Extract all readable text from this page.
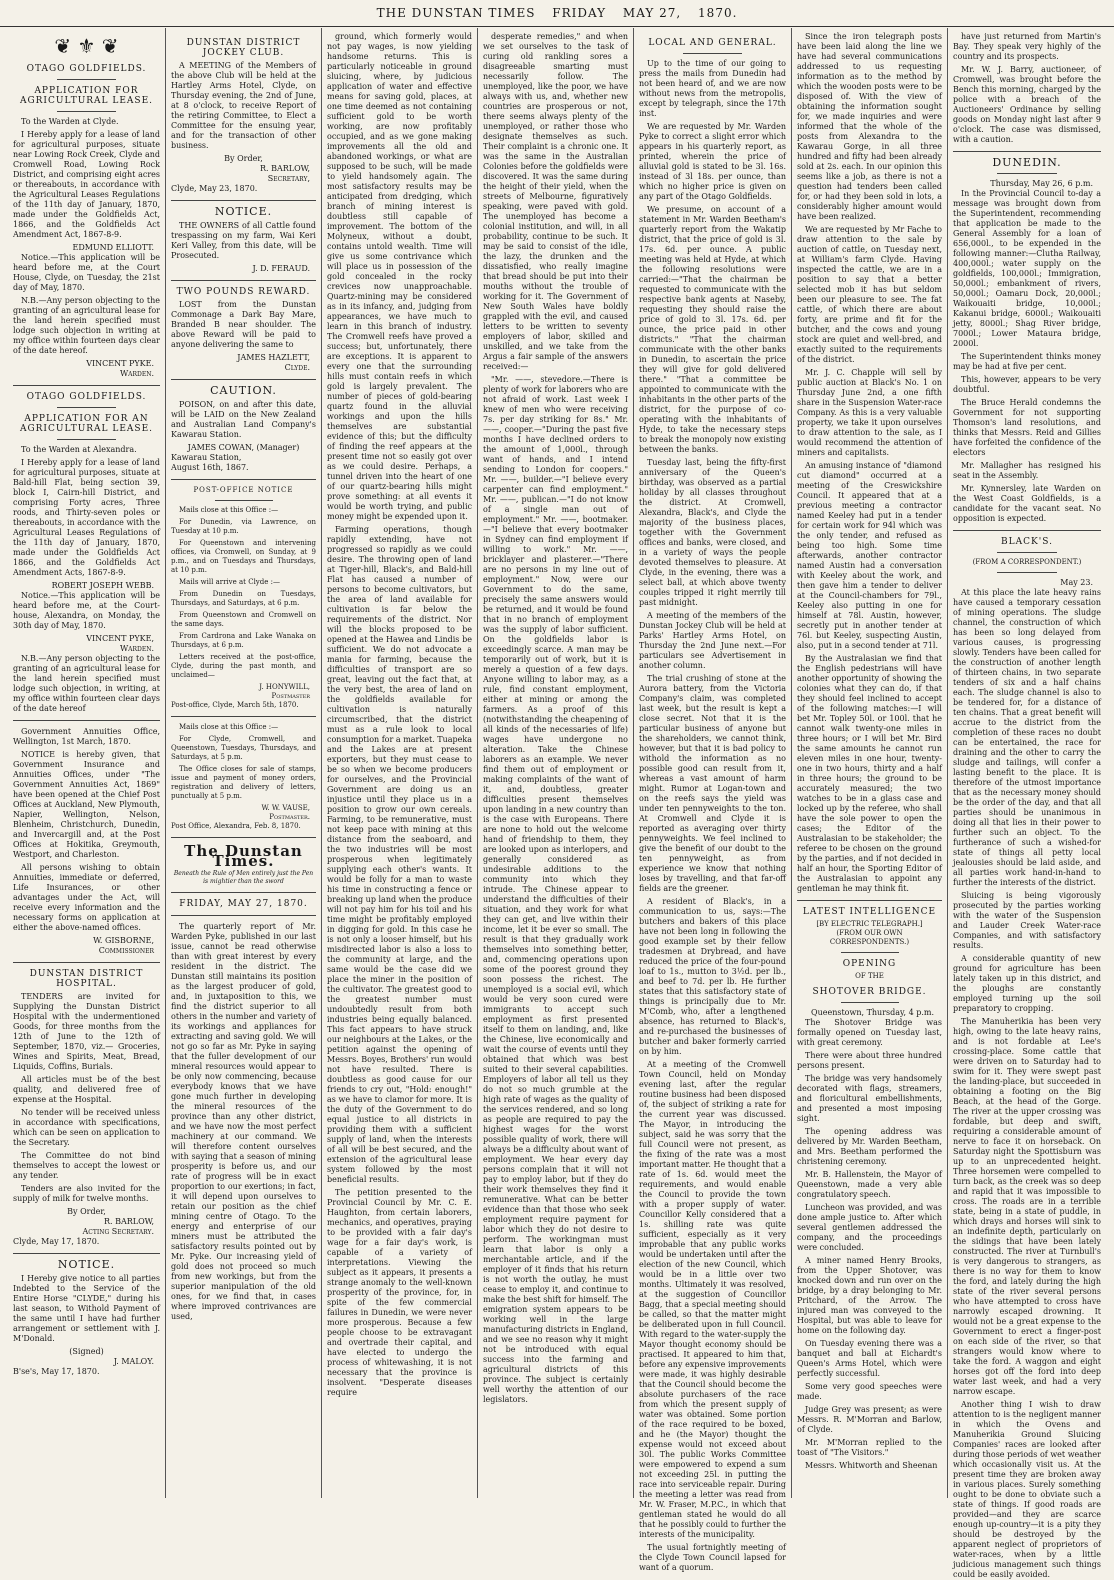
THE DUNSTAN TIMES FRIDAY MAY 27, 1870.
❦ ⚜ ❦
OTAGO GOLDFIELDS.
APPLICATION FOR AGRICULTURAL LEASE.

To the Warden at Clyde.

I Hereby apply for a lease of land for agricultural purposes, situate near Lowing Rock Creek, Clyde and Cromwell Road, Lowing Rock District, and comprising eight acres or thereabouts, in accordance with the Agricultural Leases Regulations of the 11th day of January, 1870, made under the Goldfields Act, 1866, and the Goldfields Act Amendment Act, 1867-8-9.

EDMUND ELLIOTT.

Notice.—This application will be heard before me, at the Court House, Clyde, on Tuesday, the 21st day of May, 1870.

N.B.—Any person objecting to the granting of an agricultural lease for the land herein specified must lodge such objection in writing at my office within fourteen days clear of the date hereof.

VINCENT PYKE.
Warden.
OTAGO GOLDFIELDS.
APPLICATION FOR AN AGRICULTURAL LEASE.

To the Warden at Alexandra.

I Hereby apply for a lease of land for agricultural purposes, situate at Bald-hill Flat, being section 39, block I, Cairn-hill District, and comprising Forty acres, Three roods, and Thirty-seven poles or thereabouts, in accordance with the Agricultural Leases Regulations of the 11th day of January, 1870, made under the Goldfields Act 1866, and the Goldfields Act Amendment Acts, 1867-8-9.

ROBERT JOSEPH WEBB.

Notice.—This application will be heard before me, at the Court-house, Alexandra, on Monday, the 30th day of May, 1870.

VINCENT PYKE,
Warden.

N.B.—Any person objecting to the granting of an agricultural lease for the land herein specified must lodge such objection, in writing, at my office within fourteen clear days of the date hereof

Government Annuities Office, Wellington, 1st March, 1870.

NOTICE is hereby given, that Government Insurance and Annuities Offices, under "The Government Annuities Act, 1869" have been opened at the Chief Post Offices at Auckland, New Plymouth, Napier, Wellington, Nelson, Blenheim, Christchurch, Dunedin, and Invercargill and, at the Post Offices at Hokitika, Greymouth, Westport, and Charleston.

All persons wishing to obtain Annuities, immediate or deferred, Life Insurances, or other advantages under the Act, will receive every information and the necessary forms on application at either the above-named offices.

W. GISBORNE,
Commissioner
DUNSTAN DISTRICT HOSPITAL.

TENDERS are invited for Supplying the Dunstan District Hospital with the undermentioned Goods, for three months from the 12th of June to the 12th of September, 1870, viz.— Groceries, Wines and Spirits, Meat, Bread, Liquids, Coffins, Burials.

All articles must be of the best quality, and delivered free of expense at the Hospital.

No tender will be received unless in accordance with specifications, which can be seen on application to the Secretary.

The Committee do not bind themselves to accept the lowest or any tender.

Tenders are also invited for the supply of milk for twelve months.

By Order,
R. BARLOW,
Acting Secretary.
Clyde, May 17, 1870.
NOTICE.

I Hereby give notice to all parties Indebted to the Service of the Entire Horse "CLYDE," during his last season, to Withold Payment of the same until I have had further arrangement or settlement with J. M'Donald.

(Signed)
J. MALOY.
B'se's, May 17, 1870.
DUNSTAN DISTRICT JOCKEY CLUB.

A MEETING of the Members of the above Club will be held at the Hartley Arms Hotel, Clyde, on Thursday evening, the 2nd of June, at 8 o'clock, to receive Report of the retiring Committee, to Elect a Committee for the ensuing year, and for the transaction of other business.

By Order,
R. BARLOW,
Secretary,
Clyde, May 23, 1870.
NOTICE.

THE OWNERS of all Cattle found trespassing on my farm, Wai Keri Keri Valley, from this date, will be Prosecuted.

J. D. FERAUD.
TWO POUNDS REWARD.

LOST from the Dunstan Commonage a Dark Bay Mare, Branded B near shoulder. The above Reward will be paid to anyone delivering the same to

JAMES HAZLETT,
Clyde.
CAUTION.

POISON, on and after this date, will be LAID on the New Zealand and Australian Land Company's Kawarau Station.

JAMES COWAN, (Manager)
Kawarau Station,
August 16th, 1867.
POST-OFFICE NOTICE

Mails close at this Office :—

For Dunedin, via Lawrence, on Tuesday at 10 p.m.

For Queenstown and intervening offices, via Cromwell, on Sunday, at 9 p.m., and on Tuesdays and Thursdays, at 10 p.m.

Mails will arrive at Clyde :—

From Dunedin on Tuesdays, Thursdays, and Saturdays, at 6 p.m.

From Queenstown and Cromwell on the same days.

From Cardrona and Lake Wanaka on Thursdays, at 6 p.m.

Letters received at the post-office, Clyde, during the past month, and unclaimed—

J. HONYWILL,
Postmaster
Post-office, Clyde, March 5th, 1870.

Mails close at this Office :—

For Clyde, Cromwell, and Queenstown, Tuesdays, Thursdays, and Saturdays, at 5 p.m.

The Office closes for sale of stamps, issue and payment of money orders, registration and delivery of letters, punctually at 5 p.m.

W. W. VAUSE,
Postmaster.
Post Office, Alexandra, Feb. 8, 1870.
The Dunstan Times.
Beneath the Rule of Men entirely just the Pen is mightier than the sword
FRIDAY, MAY 27, 1870.

The quarterly report of Mr. Warden Pyke, published in our last issue, cannot be read otherwise than with great interest by every resident in the district. The Dunstan still maintains its position as the largest producer of gold, and, in juxtaposition to this, we find the district superior to all others in the number and variety of its workings and appliances for extracting and saving gold. We will not go so far as Mr. Pyke in saying that the fuller development of our mineral resources would appear to be only now commencing, because everybody knows that we have gone much further in developing the mineral resources of the province than any other district, and we have now the most perfect machinery at our command. We will therefore content ourselves with saying that a season of mining prosperity is before us, and our rate of progress will be in exact proportion to our exertions; in fact, it will depend upon ourselves to retain our position as the chief mining centre of Otago. To the energy and enterprise of our miners must be attributed the satisfactory results pointed out by Mr. Pyke. Our increasing yield of gold does not proceed so much from new workings, but from the superior manipulation of the old ones, for we find that, in cases where improved contrivances are used,

ground, which formerly would not pay wages, is now yielding handsome returns. This is particularly noticeable in ground sluicing, where, by judicious application of water and effective means for saving gold, places, at one time deemed as not containing sufficient gold to be worth working, are now profitably occupied, and as we gone making improvements all the old and abandoned workings, or what are supposed to be such, will be made to yield handsomely again. The most satisfactory results may be anticipated from dredging, which branch of mining interest is doubtless still capable of improvement. The bottom of the Molyneux, without a doubt, contains untold wealth. Time will give us some contrivance which will place us in possession of the gold concealed in the rocky crevices now unapproachable. Quartz-mining may be considered as in its infancy, and, judging from appearances, we have much to learn in this branch of industry. The Cromwell reefs have proved a success; but, unfortunately, there are exceptions. It is apparent to every one that the surrounding hills must contain reefs in which gold is largely prevalent. The number of pieces of gold-bearing quartz found in the alluvial workings and upon the hills themselves are substantial evidence of this; but the difficulty of finding the reef appears at the present time not so easily got over as we could desire. Perhaps, a tunnel driven into the heart of one of our quartz-bearing hills might prove something: at all events it would be worth trying, and public money might be expended upon it.

Farming operations, though rapidly extending, have not progressed so rapidly as we could desire. The throwing open of land at Tiger-hill, Black's, and Bald-hill Flat has caused a number of persons to become cultivators, but the area of land available for cultivation is far below the requirements of the district. Nor will the blocks proposed to be opened at the Hawea and Lindis be sufficient. We do not advocate a mania for farming, because the difficulties of transport are so great, leaving out the fact that, at the very best, the area of land on the goldfields available for cultivation is naturally circumscribed, that the district must as a rule look to local consumption for a market. Tuapeka and the Lakes are at present exporters, but they must cease to be so when we become producers for ourselves, and the Provincial Government are doing us an injustice until they place us in a position to grow our own cereals. Farming, to be remunerative, must not keep pace with mining at this distance from the seaboard, and the two industries will be most prosperous when legitimately supplying each other's wants. It would be folly for a man to waste his time in constructing a fence or breaking up land when the produce will not pay him for his toil and his time might be profitably employed in digging for gold. In this case he is not only a looser himself, but his misdirected labor is also a loss to the community at large, and the same would be the case did we place the miner in the position of the cultivator. The greatest good to the greatest number must undoubtedly result from both industries being equally balanced. This fact appears to have struck our neighbours at the Lakes, or the petition against the opening of Messrs. Boyes, Brothers' run would not have resulted. There is doubtless as good cause for our friends to cry out, "Hold: enough!" as we have to clamor for more. It is the duty of the Government to do equal justice to all districts in providing them with a sufficient supply of land, when the interests of all will be best secured, and the extension of the agricultural lease system followed by the most beneficial results.

The petition presented to the Provincial Council by Mr. C. E. Haughton, from certain laborers, mechanics, and operatives, praying to be provided with a fair day's wage for a fair day's work, is capable of a variety of interpretations. Viewing the subject as it appears, it presents a strange anomaly to the well-known prosperity of the province, for, in spite of the few commercial failures in Dunedin, we were never more prosperous. Because a few people choose to be extravagant and overtrade their capital, and have elected to undergo the process of whitewashing, it is not necessary that the province is insolvent. "Desperate diseases require

desperate remedies," and when we set ourselves to the task of curing old rankling sores a disagreeable smarting must necessarily follow. The unemployed, like the poor, we have always with us, and, whether new countries are prosperous or not, there seems always plenty of the unemployed, or rather those who designate themselves as such. Their complaint is a chronic one. It was the same in the Australian Colonies before the goldfields were discovered. It was the same during the height of their yield, when the streets of Melbourne, figuratively speaking, were paved with gold. The unemployed has become a colonial institution, and will, in all probability, continue to be such. It may be said to consist of the idle, the lazy, the drunken and the dissatisfied, who really imagine that bread should be put into their mouths without the trouble of working for it. The Government of New South Wales have boldly grappled with the evil, and caused letters to be written to seventy employers of labor, skilled and unskilled, and we take from the Argus a fair sample of the answers received:—

"Mr. ——, stevedore.—There is plenty of work for laborers who are not afraid of work. Last week I knew of men who were receiving 7s. per day striking for 8s." Mr. ——, cooper.—"During the past five months I have declined orders to the amount of 1,000l., through want of hands, and I intend sending to London for coopers." Mr. ——, builder.—"I believe every carpenter can find employment." Mr. ——, publican.—"I do not know of a single man out of employment." Mr. ——, bootmaker.—"I believe that every bootmaker in Sydney can find employment if willing to work." Mr. ——, bricklayer and plasterer.—"There are no persons in my line out of employment." Now, were our Government to do the same, precisely the same answers would be returned, and it would be found that in no branch of employment was the supply of labor sufficient. On the goldfields labor is exceedingly scarce. A man may be temporarily out of work, but it is merely a question of a few days. Anyone willing to labor may, as a rule, find constant employment, either at mining or among the farmers. As a proof of this (notwithstanding the cheapening of all kinds of the necessaries of life) wages have undergone no alteration. Take the Chinese laborers as an example. We never find them out of employment or making complaints of the want of it, and, doubtless, greater difficulties present themselves upon landing in a new country than is the case with Europeans. There are none to hold out the welcome hand of friendship to them, they are looked upon as interlopers, and generally considered as undesirable additions to the community into which they intrude. The Chinese appear to understand the difficulties of their situation, and they work for what they can get, and live within their income, let it be ever so small. The result is that they gradually work themselves into something better, and, commencing operations upon some of the poorest ground they soon possess the richest. The unemployed is a social evil, which would be very soon cured were immigrants to accept such employment as first presented itself to them on landing, and, like the Chinese, live economically and wait the course of events until they obtained that which was best suited to their several capabilities. Employers of labor all tell us they do not so much grumble at the high rate of wages as the quality of the services rendered, and so long as people are required to pay the highest wages for the worst possible quality of work, there will always be a difficulty about want of employment. We hear every day persons complain that it will not pay to employ labor, but if they do their work themselves they find it remunerative. What can be better evidence than that those who seek employment require payment for labor which they do not desire to perform. The workingman must learn that labor is only a merchantable article, and if the employer of it finds that his return is not worth the outlay, he must cease to employ it, and continue to make the best shift for himself. The emigration system appears to be working well in the large manufacturing districts in England, and we see no reason why it might not be introduced with equal success into the farming and agricultural districts of this province. The subject is certainly well worthy the attention of our legislators.

LOCAL AND GENERAL.

Up to the time of our going to press the mails from Dunedin had not been heard of, and we are now without news from the metropolis, except by telegraph, since the 17th inst.

We are requested by Mr. Warden Pyke to correct a slight error which appears in his quarterly report, as printed, wherein the price of alluvial gold is stated to be 3l. 16s. instead of 3l 18s. per ounce, than which no higher price is given on any part of the Otago Goldfields.

We presume, on account of a statement in Mr. Warden Beetham's quarterly report from the Wakatip district, that the price of gold is 3l. 17s. 6d. per ounce. A public meeting was held at Hyde, at which the following resolutions were carried:—"That the chairman be requested to communicate with the respective bank agents at Naseby, requesting they should raise the price of gold to 3l. 17s. 6d. per ounce, the price paid in other districts." "That the chairman communicate with the other banks in Dunedin, to ascertain the price they will give for gold delivered there." "That a committee be appointed to communicate with the inhabitants in the other parts of the district, for the purpose of co-operating with the inhabitants of Hyde, to take the necessary steps to break the monopoly now existing between the banks.

Tuesday last, being the fifty-first anniversary of the Queen's birthday, was observed as a partial holiday by all classes throughout the district. At Cromwell, Alexandra, Black's, and Clyde the majority of the business places, together with the Government offices and banks, were closed, and in a variety of ways the people devoted themselves to pleasure. At Clyde, in the evening, there was a select ball, at which above twenty couples tripped it right merrily till past midnight.

A meeting of the members of the Dunstan Jockey Club will be held at Parks' Hartley Arms Hotel, on Thursday the 2nd June next.—For particulars see Advertisement in another column.

The trial crushing of stone at the Aurora battery, from the Victoria Company's claim, was completed last week, but the result is kept a close secret. Not that it is the particular business of anyone but the shareholders, we cannot think, however, but that it is bad policy to withold the information as no possible good can result from it, whereas a vast amount of harm might. Rumor at Logan-town and on the reefs says the yield was under ten pennyweights to the ton. At Cromwell and Clyde it is reported as averaging over thirty pennyweights. We feel inclined to give the benefit of our doubt to the ten pennyweight, as from experience we know that nothing loses by travelling, and that far-off fields are the greener.

A resident of Black's, in a communication to us, says:—The butchers and bakers of this place have not been long in following the good example set by their fellow tradesmen at Drybread, and have reduced the price of the four-pound loaf to 1s., mutton to 3½d. per lb., and beef to 7d. per lb. He further states that this satisfactory state of things is principally due to Mr. M'Comb, who, after a lengthened absence, has returned to Black's, and re-purchased the businesses of butcher and baker formerly carried on by him.

At a meeting of the Cromwell Town Council, held on Monday evening last, after the regular routine business had been disposed of, the subject of striking a rate for the current year was discussed. The Mayor, in introducing the subject, said he was sorry that the full Council were not present, as the fixing of the rate was a most important matter. He thought that a rate of 1s. 6d. would meet the requirements, and would enable the Council to provide the town with a proper supply of water. Councillor Kelly considered that a 1s. shilling rate was quite sufficient, especially as it very improbable that any public works would be undertaken until after the election of the new Council, which would be in a little over two months. Ultimately it was resolved, at the suggestion of Councillor Bagg, that a special meeting should be called, so that the matter might be deliberated upon in full Council. With regard to the water-supply the Mayor thought economy should be practised. It appeared to him that, before any expensive improvements were made, it was highly desirable that the Council should become the absolute purchasers of the race from which the present supply of water was obtained. Some portion of the race required to be boxed, and he (the Mayor) thought the expense would not exceed about 30l. The public Works Committee were empowered to expend a sum not exceeding 25l. in putting the race into serviceable repair. During the meeting a letter was read from Mr. W. Fraser, M.P.C., in which that gentleman stated he would do all that he possibly could to further the interests of the municipality.

The usual fortnightly meeting of the Clyde Town Council lapsed for want of a quorum.

Since the iron telegraph posts have been laid along the line we have had several communications addressed to us requesting information as to the method by which the wooden posts were to be disposed of. With the view of obtaining the information sought for, we made inquiries and were informed that the whole of the posts from Alexandra to the Kawarau Gorge, in all three hundred and fifty had been already sold at 2s. each. In our opinion this seems like a job, as there is not a question had tenders been called for, or had they been sold in lots, a considerably higher amount would have been realized.

We are requested by Mr Fache to draw attention to the sale by auction of cattle, on Tuesday next, at William's farm Clyde. Having inspected the cattle, we are in a position to say that a better selected mob it has but seldom been our pleasure to see. The fat cattle, of which there are about forty, are prime and fit for the butcher, and the cows and young stock are quiet and well-bred, and exactly suited to the requirements of the district.

Mr. J. C. Chapple will sell by public auction at Black's No. 1 on Thursday June 2nd, a one fifth share in the Suspension Water-race Company. As this is a very valuable property, we take it upon ourselves to draw attention to the sale, as I would recommend the attention of miners and capitalists.

An amusing instance of "diamond cut diamond" occurred at a meeting of the Creswickshire Council. It appeared that at a previous meeting a contractor named Keeley had put in a tender for certain work for 94l which was the only tender, and refused as being too high. Some time afterwards, another contractor named Austin had a conversation with Keeley about the work, and then gave him a tender to deliver at the Council-chambers for 79l., Keeley also putting in one for himself at 78l. Austin, however, secretly put in another tender at 76l. but Keeley, suspecting Austin, also, put in a second tender at 71l.

By the Australasian we find that the English pedestrians will have another opportunity of showing the colonies what they can do, if that they should feel inclined to accept of the following matches:—I will bet Mr. Topley 50l. or 100l. that he cannot walk twenty-one miles in three hours; or I will bet Mr. Bird the same amounts he cannot run eleven miles in one hour, twenty-one in two hours, thirty and a half in three hours; the ground to be accurately measured; the two watches to be in a glass case and locked up by the referee, who shall have the sole power to open the cases; the Editor of the Australasian to be stakeholder; the referee to be chosen on the ground by the parties, and if not decided in half an hour, the Sporting Editor of the Australasian to appoint any gentleman he may think fit.

LATEST INTELLIGENCE
[BY ELECTRIC TELEGRAPH.]
(FROM OUR OWN CORRESPONDENTS.)
OPENING
OF THE
SHOTOVER BRIDGE.
Queenstown, Thursday, 4 p.m.

The Shotover Bridge was formally opened on Tuesday last, with great ceremony.

There were about three hundred persons present.

The bridge was very handsomely decorated with flags, streamers, and floricultural embellishments, and presented a most imposing sight.

The opening address was delivered by Mr. Warden Beetham, and Mrs. Beetham performed the christening ceremony.

Mr. B. Hallenstein, the Mayor of Queenstown, made a very able congratulatory speech.

Luncheon was provided, and was done ample justice to. After which several gentlemen addressed the company, and the proceedings were concluded.

A miner named Henry Brooks, from the Upper Shotover, was knocked down and run over on the bridge, by a dray belonging to Mr. Pritchard, of the Arrow. The injured man was conveyed to the Hospital, but was able to leave for home on the following day.

On Tuesday evening there was a banquet and ball at Eichardt's Queen's Arms Hotel, which were perfectly successful.

Some very good speeches were made.

Judge Grey was present; as were Messrs. R. M'Morran and Barlow, of Clyde.

Mr. M'Morran replied to the toast of "The Visitors."

Messrs. Whitworth and Sheenan

have just returned from Martin's Bay. They speak very highly of the country and its prospects.

Mr. W. J. Barry, auctioneer, of Cromwell, was brought before the Bench this morning, charged by the police with a breach of the Auctioneers' Ordinance by selling goods on Monday night last after 9 o'clock. The case was dismissed, with a caution.

DUNEDIN.
Thursday, May 26, 6 p.m.

In the Provincial Council to-day a message was brought down from the Superintendent, recommending that application be made to the General Assembly for a loan of 656,000l., to be expended in the following manner:—Clutha Railway, 400,000l.; water supply on the goldfields, 100,000l.; Immigration, 50,000l.; embankment of rivers, 50,000l.; Oamaru Dock, 20,000l.; Waikouaiti bridge, 10,000l.; Kakanui bridge, 6000l.; Waikouaiti jetty, 8000l.; Shag River bridge, 7000l.; Lower Mataura bridge, 2000l.

The Superintendent thinks money may be had at five per cent.

This, however, appears to be very doubtful.

The Bruce Herald condemns the Government for not supporting Thomson's land resolutions, and thinks that Messrs. Reid and Gillies have forfeited the confidence of the electors

Mr. Mallagher has resigned his seat in the Assembly.

Mr. Kynnersley, late Warden on the West Coast Goldfields, is a candidate for the vacant seat. No opposition is expected.

BLACK'S.
(FROM A CORRESPONDENT.)
May 23.

At this place the late heavy rains have caused a temporary cessation of mining operations. The sludge channel, the construction of which has been so long delayed from various causes, is progressing slowly. Tenders have been called for the construction of another length of thirteen chains, in two separate tenders of six and a half chains each. The sludge channel is also to be tendered for, for a distance of ten chains. That a great benefit will accrue to the district from the completion of these races no doubt can be entertained, the race for draining and the other to carry the sludge and tailings, will confer a lasting benefit to the place. It is therefore of the utmost importance that as the necessary money should be the order of the day, and that all parties should be unanimous in doing all that lies in their power to further such an object. To the furtherance of such a wished-for state of things all petty local jealousies should be laid aside, and all parties work hand-in-hand to further the interests of the district.

Sluicing is being vigorously prosecuted by the parties working with the water of the Suspension and Lauder Creek Water-race Companies, and with satisfactory results.

A considerable quantity of new ground for agriculture has been lately taken up in this district, and the ploughs are constantly employed turning up the soil preparatory to cropping.

The Manuherikia has been very high, owing to the late heavy rains, and is not fordable at Lee's crossing-place. Some cattle that were driven on to Saturday had to swim for it. They were swept past the landing-place, but succeeded in obtaining a footing on the Big Beach, at the head of the Gorge. The river at the upper crossing was fordable, but deep and swift, requiring a considerable amount of nerve to face it on horseback. On Saturday night the Spottisburn was up to an unprecedented height. Three horsemen were compelled to turn back, as the creek was so deep and rapid that it was impossible to cross. The roads are in a terrible state, being in a state of puddle, in which drays and horses will sink to an indefinite depth, particularly on the sidings that have been lately constructed. The river at Turnbull's is very dangerous to strangers, as there is no way for them to know the ford, and lately during the high state of the river several persons who have attempted to cross have narrowly escaped drowning. It would not be a great expense to the Government to erect a finger-post on each side of the river, so that strangers would know where to take the ford. A waggon and eight horses got off the ford into deep water last week, and had a very narrow escape.

Another thing I wish to draw attention to is the negligent manner in which the Ovens and Manuherikia Ground Sluicing Companies' races are looked after during those periods of wet weather which occasionally visit us. At the present time they are broken away in various places. Surely something ought to be done to obviate such a state of things. If good roads are provided—and they are scarce enough up-country—it is a pity they should be destroyed by the apparent neglect of proprietors of water-races, when by a little judicious management such things could be easily avoided.
